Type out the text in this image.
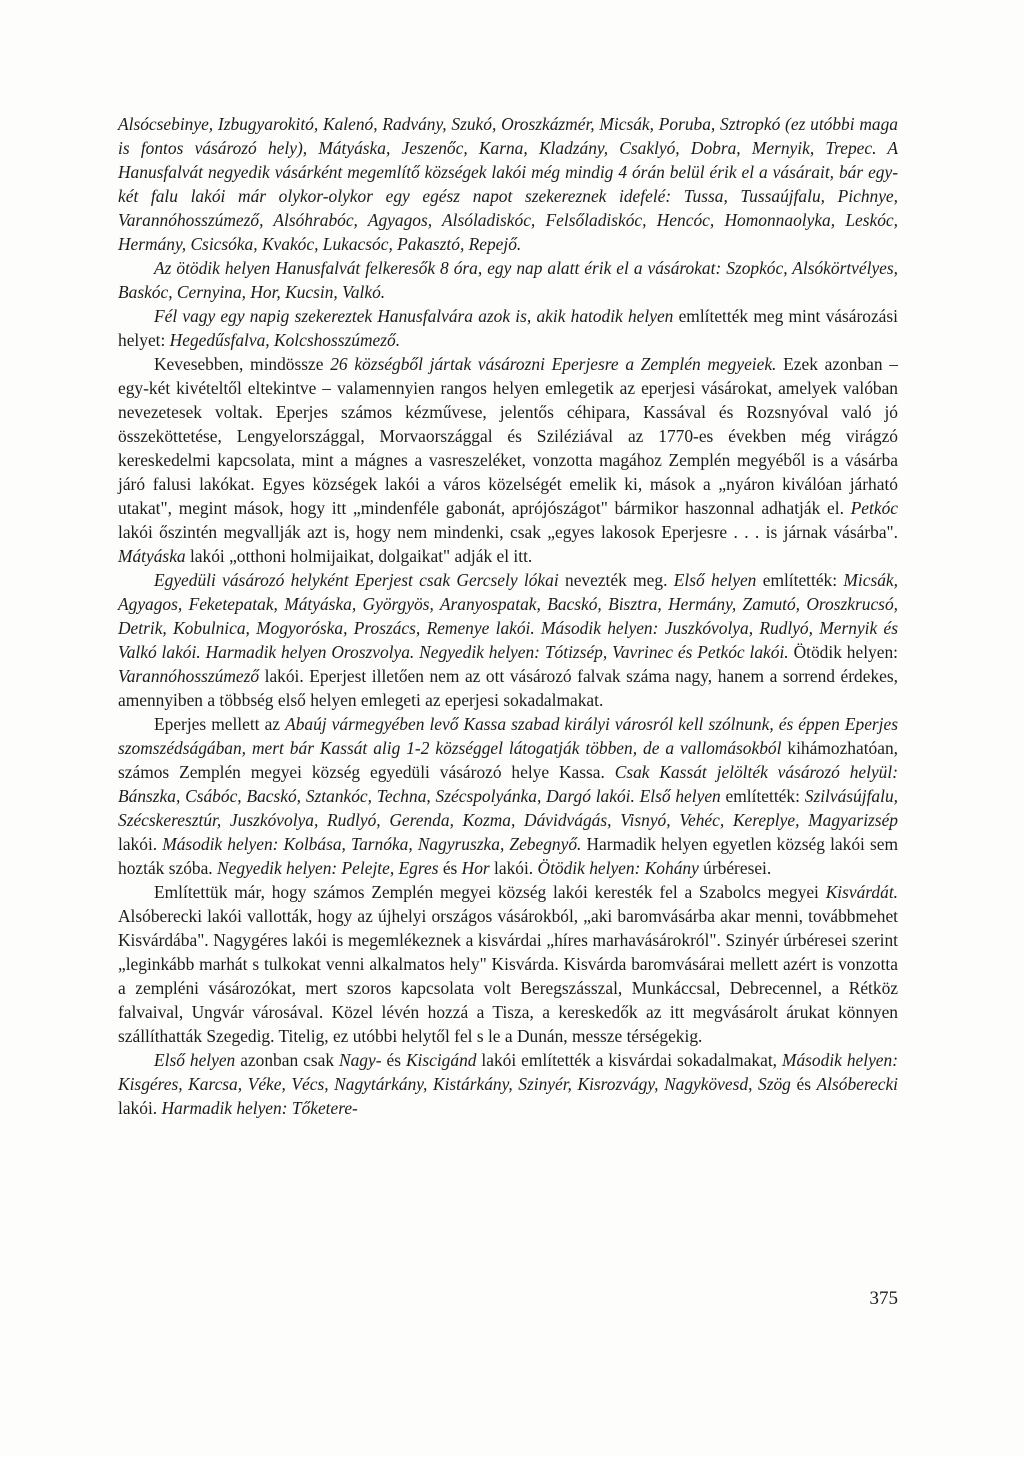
Alsócsebinye, Izbugyarokitó, Kalenó, Radvány, Szukó, Oroszkázmér, Micsák, Poruba, Sztropkó (ez utóbbi maga is fontos vásározó hely), Mátyáska, Jeszenőc, Karna, Kladzány, Csaklyó, Dobra, Mernyik, Trepec. A Hanusfalvát negyedik vásárként megemlítő községek lakói még mindig 4 órán belül érik el a vásárait, bár egy-két falu lakói már olykor-olykor egy egész napot szekereznek idefelé: Tussa, Tussaújfalu, Pichnye, Varannóhosszúmező, Alsóhrabóc, Agyagos, Alsóladiskóc, Felsőladiskóc, Hencóc, Homonnaolyka, Leskóc, Hermány, Csicsóka, Kvakóc, Lukacsóc, Pakasztó, Repejő.

Az ötödik helyen Hanusfalvát felkeresők 8 óra, egy nap alatt érik el a vásárokat: Szopkóc, Alsókörtvélyes, Baskóc, Cernyina, Hor, Kucsin, Valkó.

Fél vagy egy napig szekereztek Hanusfalvára azok is, akik hatodik helyen említették meg mint vásározási helyet: Hegedűsfalva, Kolcshosszúmező.

Kevesebben, mindössze 26 községből jártak vásározni Eperjesre a Zemplén megyeiek. Ezek azonban – egy-két kivételtől eltekintve – valamennyien rangos helyen emlegetik az eperjesi vásárokat, amelyek valóban nevezetesek voltak. Eperjes számos kézművese, jelentős céhipara, Kassával és Rozsnyóval való jó összeköttetése, Lengyelországgal, Morvaországgal és Sziléziával az 1770-es években még virágzó kereskedelmi kapcsolata, mint a mágnes a vasreszeléket, vonzotta magához Zemplén megyéből is a vásárba járó falusi lakókat. Egyes községek lakói a város közelségét emelik ki, mások a „nyáron kiválóan járható utakat", megint mások, hogy itt „mindenféle gabonát, aprójószágot" bármikor haszonnal adhatják el. Petkóc lakói őszintén megvallják azt is, hogy nem mindenki, csak „egyes lakosok Eperjesre . . . is járnak vásárba". Mátyáska lakói „otthoni holmijaikat, dolgaikat" adják el itt.

Egyedüli vásározó helyként Eperjest csak Gercsely lókai nevezték meg. Első helyen említették: Micsák, Agyagos, Feketepatak, Mátyáska, Györgyös, Aranyospatak, Bacskó, Bisztra, Hermány, Zamutó, Oroszkrucsó, Detrik, Kobulnica, Mogyoróska, Proszács, Remenye lakói. Második helyen: Juszkóvolya, Rudlyó, Mernyik és Valkó lakói. Harmadik helyen Oroszvolya. Negyedik helyen: Tótizsép, Vavrinec és Petkóc lakói. Ötödik helyen: Varannóhosszúmező lakói. Eperjest illetően nem az ott vásározó falvak száma nagy, hanem a sorrend érdekes, amennyiben a többség első helyen emlegeti az eperjesi sokadalmakat.

Eperjes mellett az Abaúj vármegyében levő Kassa szabad királyi városról kell szólnunk, és éppen Eperjes szomszédságában, mert bár Kassát alig 1-2 községgel látogatják többen, de a vallomásokból kihámozhatóan, számos Zemplén megyei község egyedüli vásározó helye Kassa. Csak Kassát jelölték vásározó helyül: Bánszka, Csábóc, Bacskó, Sztankóc, Techna, Szécspolyánka, Dargó lakói. Első helyen említették: Szilvásújfalu, Szécskeresztúr, Juszkóvolya, Rudlyó, Gerenda, Kozma, Dávidvágás, Visnyó, Vehéc, Kereplye, Magyarizsép lakói. Második helyen: Kolbása, Tarnóka, Nagyruszka, Zebegnyő. Harmadik helyen egyetlen község lakói sem hozták szóba. Negyedik helyen: Pelejte, Egres és Hor lakói. Ötödik helyen: Kohány úrbéresei.

Említettük már, hogy számos Zemplén megyei község lakói keresték fel a Szabolcs megyei Kisvárdát. Alsóberecki lakói vallották, hogy az újhelyi országos vásárokból, „aki baromvásárba akar menni, továbbmehet Kisvárdába". Nagygéres lakói is megemlékeznek a kisvárdai „híres marhavásárokról". Szinyér úrbéresei szerint „leginkább marhát s tulkokat venni alkalmatos hely" Kisvárda. Kisvárda baromvásárai mellett azért is vonzotta a zempléni vásározókat, mert szoros kapcsolata volt Beregszásszal, Munkáccsal, Debrecennel, a Rétköz falvaival, Ungvár városával. Közel lévén hozzá a Tisza, a kereskedők az itt megvásárolt árukat könnyen szállíthatták Szegedig. Titelig, ez utóbbi helytől fel s le a Dunán, messze térségekig.

Első helyen azonban csak Nagy- és Kiscigánd lakói említették a kisvárdai sokadalmakat, Második helyen: Kisgéres, Karcsa, Véke, Vécs, Nagytárkány, Kistárkány, Szinyér, Kisrozvágy, Nagykövesd, Szög és Alsóberecki lakói. Harmadik helyen: Tőketere-

375
